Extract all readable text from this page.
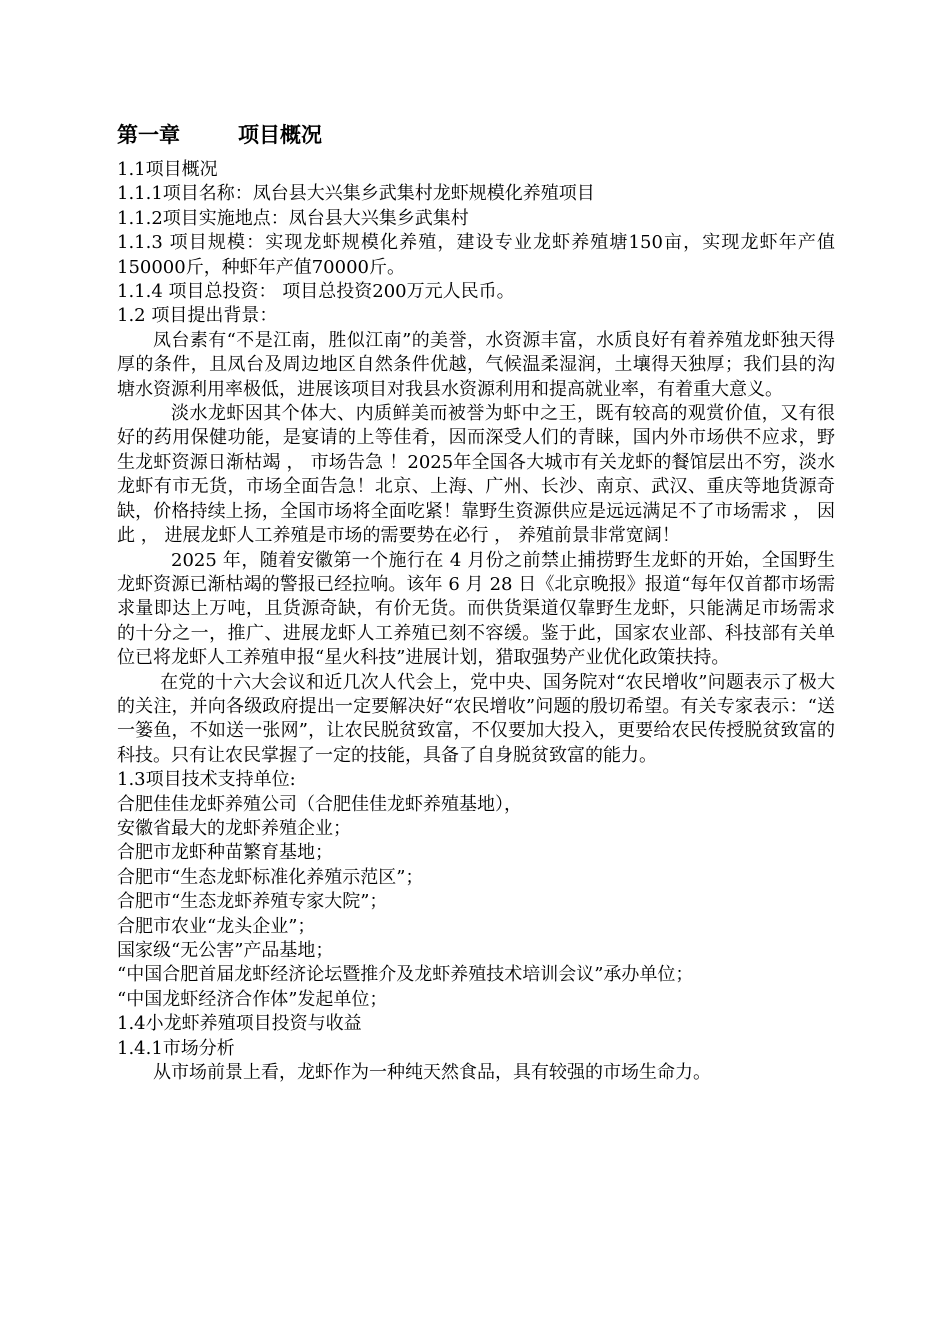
第一章	项目概况

1.1项目概况

1.1.1项目名称：凤台县大兴集乡武集村龙虾规模化养殖项目

1.1.2项目实施地点：凤台县大兴集乡武集村

1.1.3 项目规模：实现龙虾规模化养殖，建设专业龙虾养殖塘150亩，实现龙虾年产值150000斤，种虾年产值70000斤。

1.1.4 项目总投资： 项目总投资200万元人民币。

1.2 项目提出背景：

凤台素有“不是江南，胜似江南”的美誉，水资源丰富，水质良好有着养殖龙虾独天得厚的条件，且凤台及周边地区自然条件优越，气候温柔湿润，土壤得天独厚；我们县的沟塘水资源利用率极低，进展该项目对我县水资源利用和提高就业率，有着重大意义。

淡水龙虾因其个体大、内质鲜美而被誉为虾中之王，既有较高的观赏价值，又有很好的药用保健功能，是宴请的上等佳肴，因而深受人们的青睐，国内外市场供不应求，野生龙虾资源日渐枯竭 ， 市场告急 ！2025年全国各大城市有关龙虾的餐馆层出不穷，淡水龙虾有市无货，市场全面告急！北京、上海、广州、长沙、南京、武汉、重庆等地货源奇缺，价格持续上扬，全国市场将全面吃紧！靠野生资源供应是远远满足不了市场需求 ， 因此 ， 进展龙虾人工养殖是市场的需要势在必行 ， 养殖前景非常宽阔！

2025 年，随着安徽第一个施行在 4 月份之前禁止捕捞野生龙虾的开始，全国野生龙虾资源已渐枯竭的警报已经拉响。该年 6 月 28 日《北京晚报》报道“每年仅首都市场需求量即达上万吨，且货源奇缺，有价无货。而供货渠道仅靠野生龙虾，只能满足市场需求的十分之一，推广、进展龙虾人工养殖已刻不容缓。鉴于此，国家农业部、科技部有关单位已将龙虾人工养殖申报“星火科技”进展计划，猎取强势产业优化政策扶持。

在党的十六大会议和近几次人代会上，党中央、国务院对“农民增收”问题表示了极大的关注，并向各级政府提出一定要解决好“农民增收”问题的殷切希望。有关专家表示：“送一篓鱼，不如送一张网”，让农民脱贫致富，不仅要加大投入，更要给农民传授脱贫致富的科技。只有让农民掌握了一定的技能，具备了自身脱贫致富的能力。

1.3项目技术支持单位:

合肥佳佳龙虾养殖公司（合肥佳佳龙虾养殖基地），

安徽省最大的龙虾养殖企业；

合肥市龙虾种苗繁育基地；

合肥市“生态龙虾标准化养殖示范区”；

合肥市“生态龙虾养殖专家大院”；

合肥市农业“龙头企业”；

国家级“无公害”产品基地；

“中国合肥首届龙虾经济论坛暨推介及龙虾养殖技术培训会议”承办单位；

“中国龙虾经济合作体”发起单位；

1.4小龙虾养殖项目投资与收益

1.4.1市场分析

从市场前景上看，龙虾作为一种纯天然食品，具有较强的市场生命力。
